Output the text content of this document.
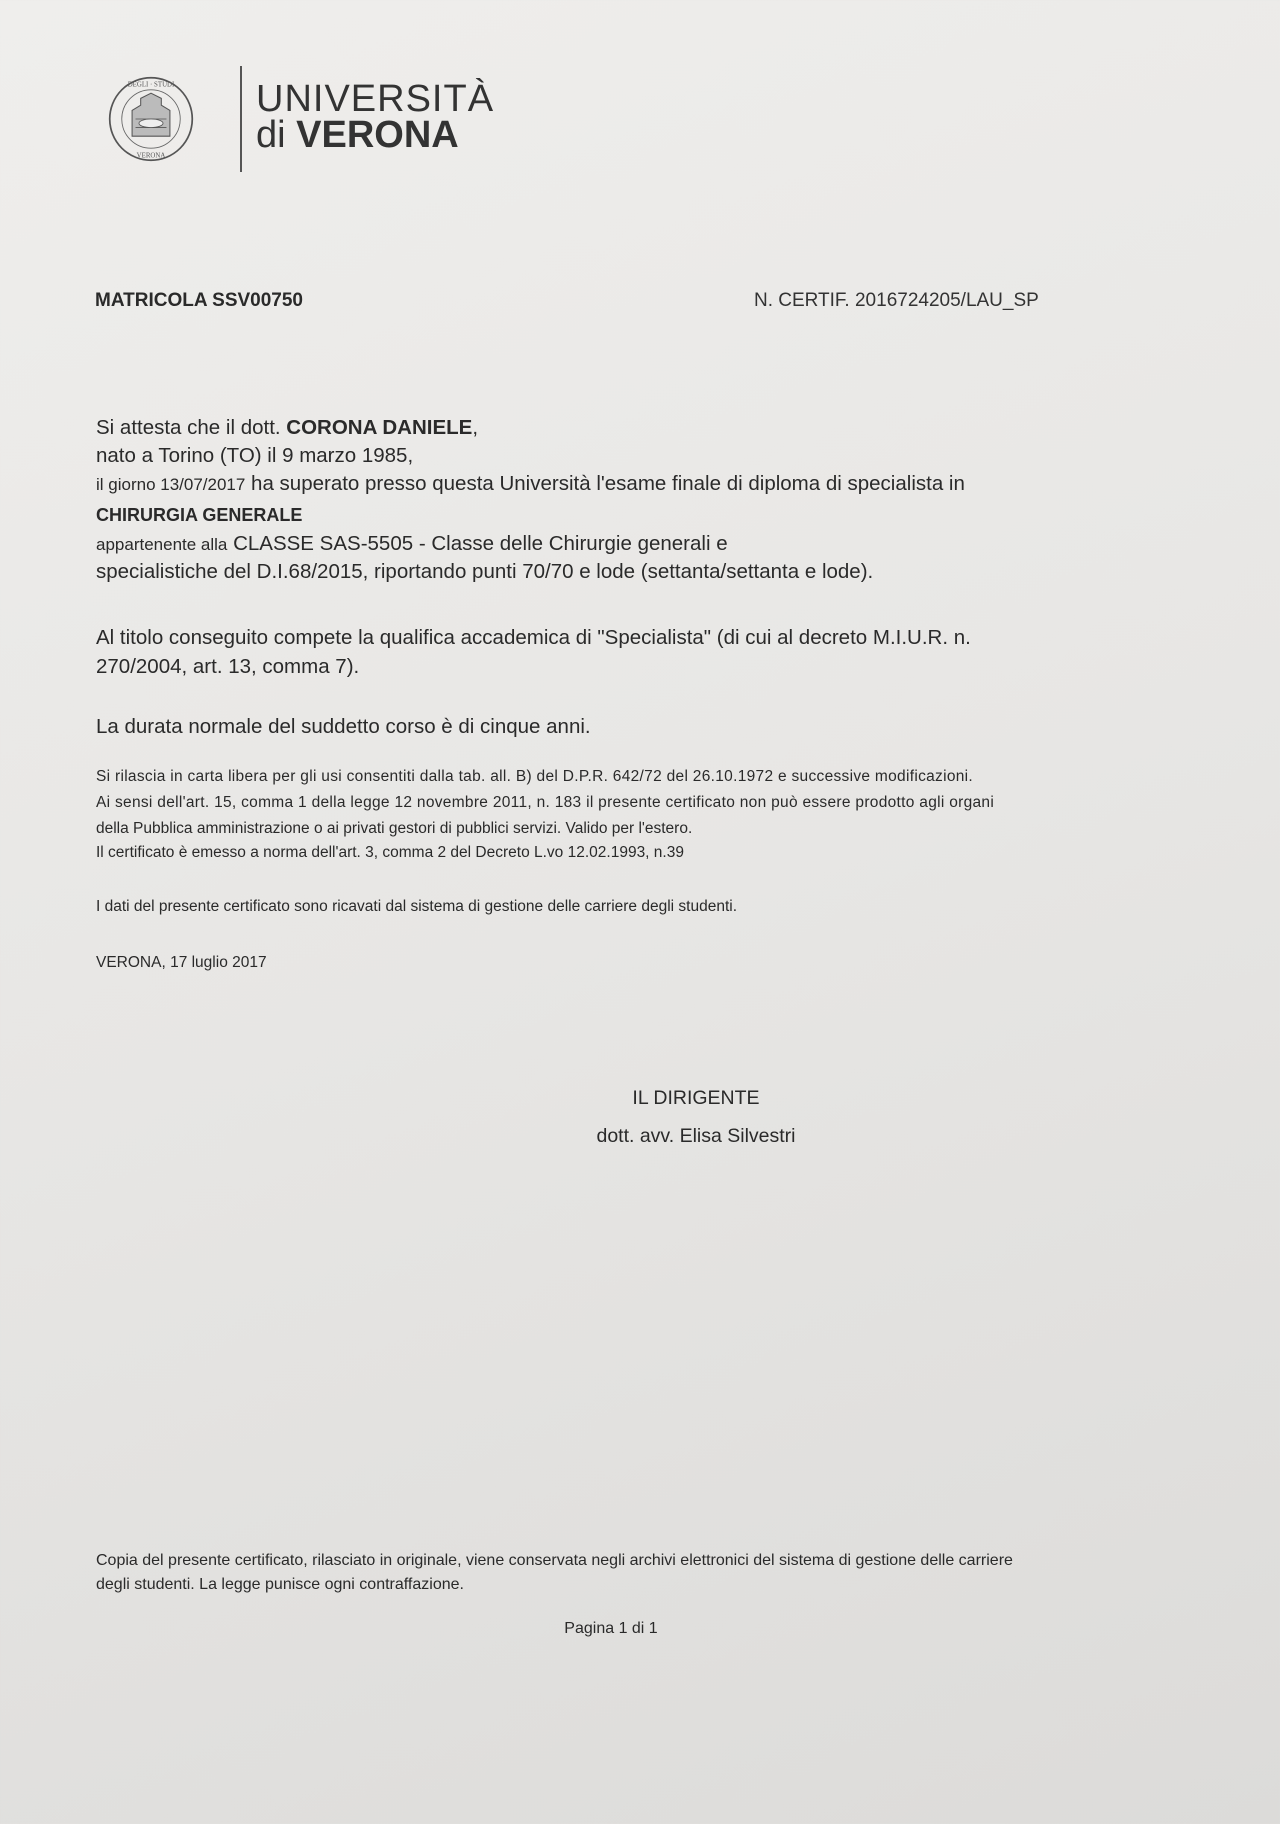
DEGLI · STUDI
VERONA
UNIVERSITÀ
di VERONA
MATRICOLA SSV00750	N. CERTIF. 2016724205/LAU_SP
Si attesta che il dott. CORONA DANIELE,
nato a Torino (TO) il 9 marzo 1985,
il giorno 13/07/2017 ha superato presso questa Università l'esame finale di diploma di specialista in
CHIRURGIA GENERALE
appartenente alla CLASSE SAS-5505 - Classe delle Chirurgie generali e
specialistiche del D.I.68/2015, riportando punti 70/70 e lode (settanta/settanta e lode).
Al titolo conseguito compete la qualifica accademica di "Specialista" (di cui al decreto M.I.U.R. n.
270/2004, art. 13, comma 7).
La durata normale del suddetto corso è di cinque anni.
Si rilascia in carta libera per gli usi consentiti dalla tab. all. B) del D.P.R. 642/72 del 26.10.1972 e successive modificazioni.
Ai sensi dell'art. 15, comma 1 della legge 12 novembre 2011, n. 183 il presente certificato non può essere prodotto agli organi
della Pubblica amministrazione o ai privati gestori di pubblici servizi. Valido per l'estero.
Il certificato è emesso a norma dell'art. 3, comma 2 del Decreto L.vo 12.02.1993, n.39
I dati del presente certificato sono ricavati dal sistema di gestione delle carriere degli studenti.
VERONA, 17 luglio 2017
IL DIRIGENTE
dott. avv. Elisa Silvestri
Copia del presente certificato, rilasciato in originale, viene conservata negli archivi elettronici del sistema di gestione delle carriere
degli studenti. La legge punisce ogni contraffazione.
Pagina 1 di 1
